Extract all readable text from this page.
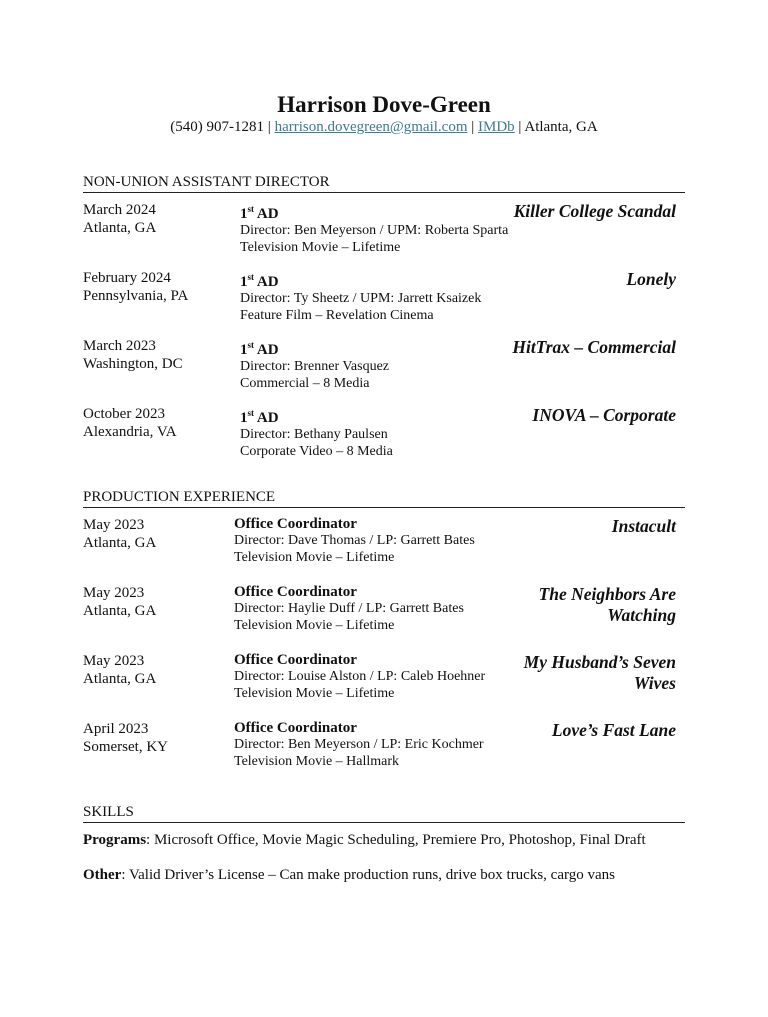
Harrison Dove-Green
(540) 907-1281 | harrison.dovegreen@gmail.com | IMDb | Atlanta, GA
NON-UNION ASSISTANT DIRECTOR
March 2024
Atlanta, GA
1st AD
Director: Ben Meyerson / UPM: Roberta Sparta
Television Movie – Lifetime
Killer College Scandal
February 2024
Pennsylvania, PA
1st AD
Director: Ty Sheetz / UPM: Jarrett Ksaizek
Feature Film – Revelation Cinema
Lonely
March 2023
Washington, DC
1st AD
Director: Brenner Vasquez
Commercial – 8 Media
HitTrax – Commercial
October 2023
Alexandria, VA
1st AD
Director: Bethany Paulsen
Corporate Video – 8 Media
INOVA – Corporate
PRODUCTION EXPERIENCE
May 2023
Atlanta, GA
Office Coordinator
Director: Dave Thomas / LP: Garrett Bates
Television Movie – Lifetime
Instacult
May 2023
Atlanta, GA
Office Coordinator
Director: Haylie Duff / LP: Garrett Bates
Television Movie – Lifetime
The Neighbors Are Watching
May 2023
Atlanta, GA
Office Coordinator
Director: Louise Alston / LP: Caleb Hoehner
Television Movie – Lifetime
My Husband’s Seven Wives
April 2023
Somerset, KY
Office Coordinator
Director: Ben Meyerson / LP: Eric Kochmer
Television Movie – Hallmark
Love’s Fast Lane
SKILLS
Programs: Microsoft Office, Movie Magic Scheduling, Premiere Pro, Photoshop, Final Draft
Other: Valid Driver’s License – Can make production runs, drive box trucks, cargo vans
